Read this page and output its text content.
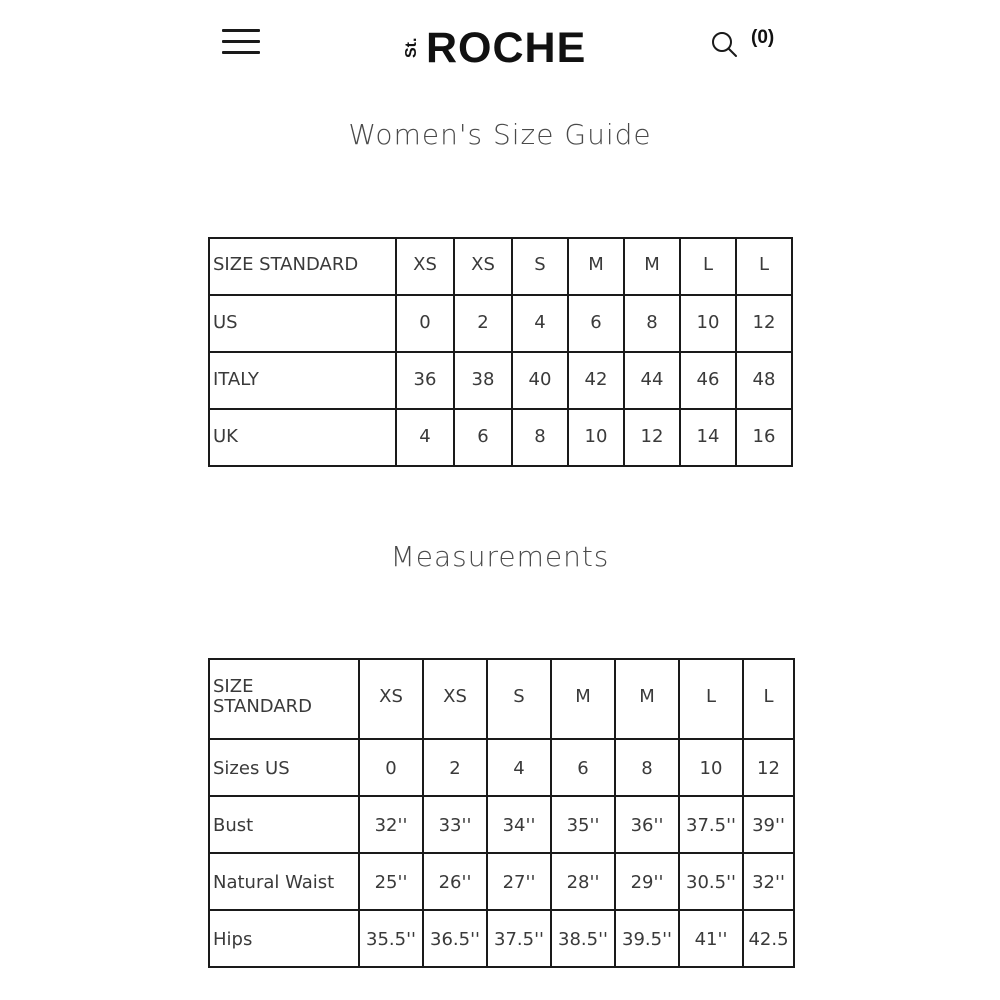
St. ROCHE	(0)
Women's Size Guide
SIZE STANDARD	XS	XS	S	M	M	L	L
US	0	2	4	6	8	10	12
ITALY	36	38	40	42	44	46	48
UK	4	6	8	10	12	14	16
Measurements
SIZE STANDARD	XS	XS	S	M	M	L	L
Sizes US	0	2	4	6	8	10	12
Bust	32''	33''	34''	35''	36''	37.5''	39''
Natural Waist	25''	26''	27''	28''	29''	30.5''	32''
Hips	35.5''	36.5''	37.5''	38.5''	39.5''	41''	42.5
